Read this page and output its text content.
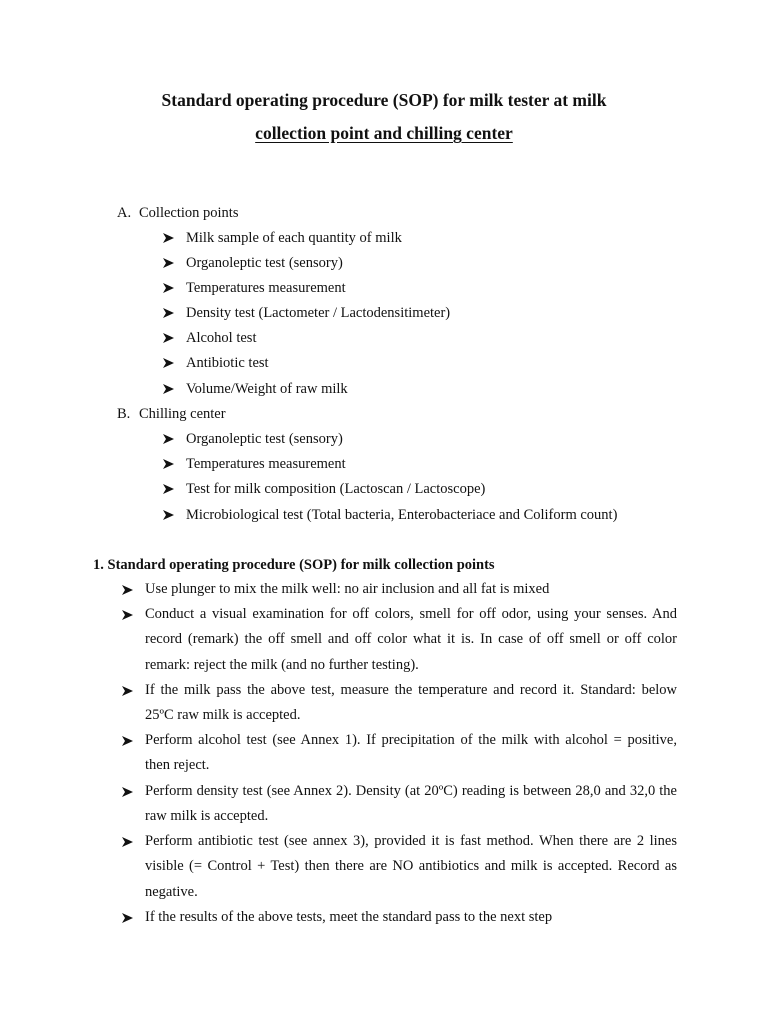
Standard operating procedure (SOP) for milk tester at milk
collection point and chilling center
A. Collection points
Milk sample of each quantity of milk
Organoleptic test (sensory)
Temperatures measurement
Density test (Lactometer / Lactodensitimeter)
Alcohol test
Antibiotic test
Volume/Weight of raw milk
B. Chilling center
Organoleptic test (sensory)
Temperatures measurement
Test for milk composition (Lactoscan / Lactoscope)
Microbiological test (Total bacteria, Enterobacteriace and Coliform count)
1. Standard operating procedure (SOP) for milk collection points
Use plunger to mix the milk well: no air inclusion and all fat is mixed
Conduct a visual examination for off colors, smell for off odor, using your senses. And record (remark) the off smell and off color what it is. In case of off smell or off color remark: reject the milk (and no further testing).
If the milk pass the above test, measure the temperature and record it. Standard: below 25ºC raw milk is accepted.
Perform alcohol test (see Annex 1). If precipitation of the milk with alcohol = positive, then reject.
Perform density test (see Annex 2). Density (at 20ºC) reading is between 28,0 and 32,0 the raw milk is accepted.
Perform antibiotic test (see annex 3), provided it is fast method. When there are 2 lines visible (= Control + Test) then there are NO antibiotics and milk is accepted. Record as negative.
If the results of the above tests, meet the standard pass to the next step
